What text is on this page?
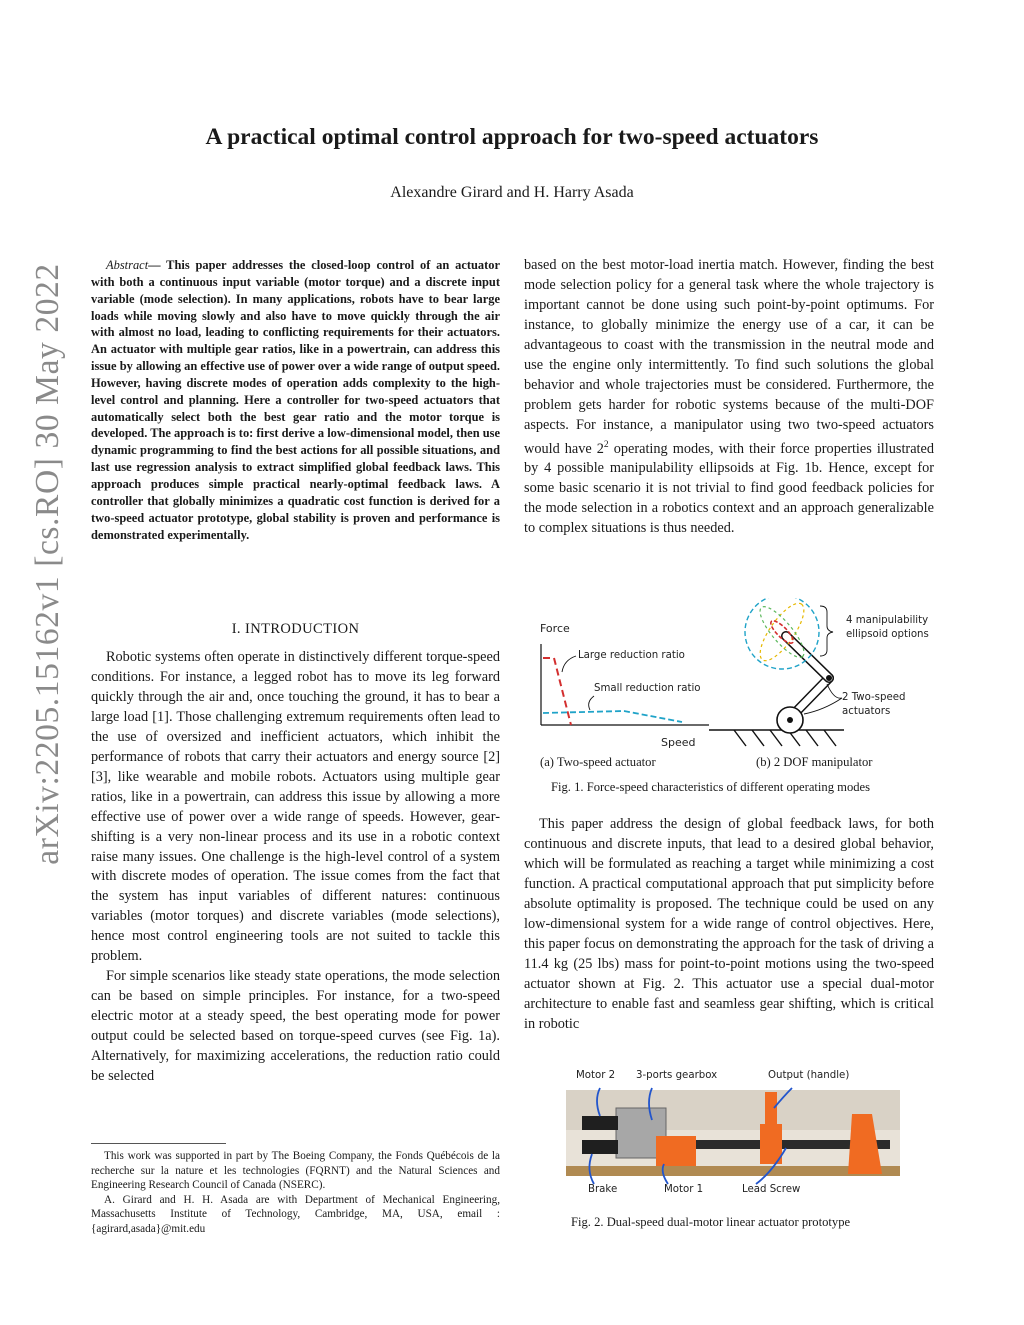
arXiv:2205.15162v1 [cs.RO] 30 May 2022
A practical optimal control approach for two-speed actuators
Alexandre Girard and H. Harry Asada
Abstract— This paper addresses the closed-loop control of an actuator with both a continuous input variable (motor torque) and a discrete input variable (mode selection). In many applications, robots have to bear large loads while moving slowly and also have to move quickly through the air with almost no load, leading to conflicting requirements for their actuators. An actuator with multiple gear ratios, like in a powertrain, can address this issue by allowing an effective use of power over a wide range of output speed. However, having discrete modes of operation adds complexity to the high-level control and planning. Here a controller for two-speed actuators that automatically select both the best gear ratio and the motor torque is developed. The approach is to: first derive a low-dimensional model, then use dynamic programming to find the best actions for all possible situations, and last use regression analysis to extract simplified global feedback laws. This approach produces simple practical nearly-optimal feedback laws. A controller that globally minimizes a quadratic cost function is derived for a two-speed actuator prototype, global stability is proven and performance is demonstrated experimentally.
I. INTRODUCTION

Robotic systems often operate in distinctively different torque-speed conditions. For instance, a legged robot has to move its leg forward quickly through the air and, once touching the ground, it has to bear a large load [1]. Those challenging extremum requirements often lead to the use of oversized and inefficient actuators, which inhibit the performance of robots that carry their actuators and energy source [2] [3], like wearable and mobile robots. Actuators using multiple gear ratios, like in a powertrain, can address this issue by allowing a more effective use of power over a wide range of speeds. However, gear-shifting is a very non-linear process and its use in a robotic context raise many issues. One challenge is the high-level control of a system with discrete modes of operation. The issue comes from the fact that the system has input variables of different natures: continuous variables (motor torques) and discrete variables (mode selections), hence most control engineering tools are not suited to tackle this problem.

For simple scenarios like steady state operations, the mode selection can be based on simple principles. For instance, for a two-speed electric motor at a steady speed, the best operating mode for power output could be selected based on torque-speed curves (see Fig. 1a). Alternatively, for maximizing accelerations, the reduction ratio could be selected

This work was supported in part by The Boeing Company, the Fonds Québécois de la recherche sur la nature et les technologies (FQRNT) and the Natural Sciences and Engineering Research Council of Canada (NSERC).

A. Girard and H. H. Asada are with Department of Mechanical Engineering, Massachusetts Institute of Technology, Cambridge, MA, USA, email : {agirard,asada}@mit.edu

based on the best motor-load inertia match. However, finding the best mode selection policy for a general task where the whole trajectory is important cannot be done using such point-by-point optimums. For instance, to globally minimize the energy use of a car, it can be advantageous to coast with the transmission in the neutral mode and use the engine only intermittently. To find such solutions the global behavior and whole trajectories must be considered. Furthermore, the problem gets harder for robotic systems because of the multi-DOF aspects. For instance, a manipulator using two two-speed actuators would have $2^2$ operating modes, with their force properties illustrated by 4 possible manipulability ellipsoids at Fig. 1b. Hence, except for some basic scenario it is not trivial to find good feedback policies for the mode selection in a robotics context and an approach generalizable to complex situations is thus needed.
Force
Large reduction ratio
Small reduction ratio
Speed
4 manipulability
ellipsoid options
2 Two-speed
actuators
(a) Two-speed actuator	(b) 2 DOF manipulator
Fig. 1. Force-speed characteristics of different operating modes

This paper address the design of global feedback laws, for both continuous and discrete inputs, that lead to a desired global behavior, which will be formulated as reaching a target while minimizing a cost function. A practical computational approach that put simplicity before absolute optimality is proposed. The technique could be used on any low-dimensional system for a wide range of control objectives. Here, this paper focus on demonstrating the approach for the task of driving a 11.4 kg (25 lbs) mass for point-to-point motions using the two-speed actuator shown at Fig. 2. This actuator use a special dual-motor architecture to enable fast and seamless gear shifting, which is critical in robotic

Motor 2 3-ports gearbox	Output (handle)
Brake	Motor 1	Lead Screw
Fig. 2. Dual-speed dual-motor linear actuator prototype
